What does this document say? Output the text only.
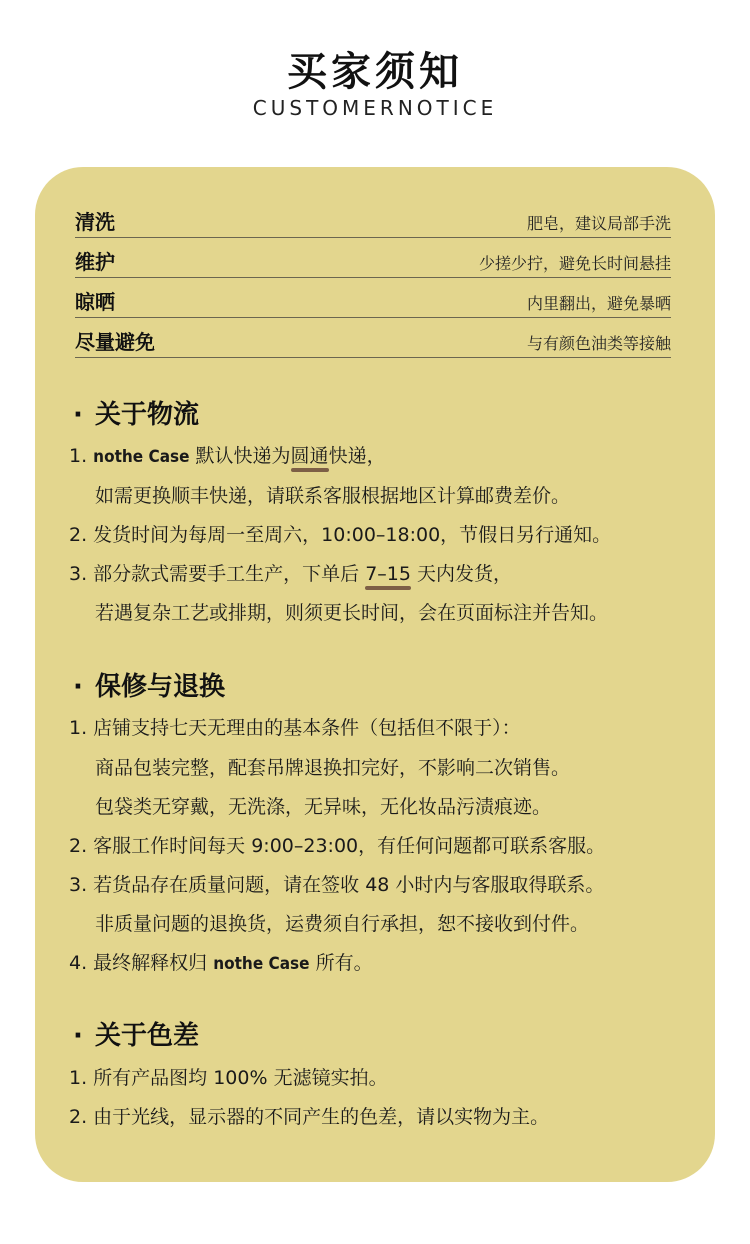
买家须知
CUSTOMERNOTICE
清洗	肥皂，建议局部手洗
维护	少搓少拧，避免长时间悬挂
晾晒	内里翻出，避免暴晒
尽量避免	与有颜色油类等接触
· 关于物流
1. nothe Case 默认快递为圆通快递，
如需更换顺丰快递，请联系客服根据地区计算邮费差价。
2. 发货时间为每周一至周六，10:00–18:00，节假日另行通知。
3. 部分款式需要手工生产，下单后 7–15 天内发货，
若遇复杂工艺或排期，则须更长时间，会在页面标注并告知。
· 保修与退换
1. 店铺支持七天无理由的基本条件（包括但不限于）：
商品包装完整，配套吊牌退换扣完好，不影响二次销售。
包袋类无穿戴，无洗涤，无异味，无化妆品污渍痕迹。
2. 客服工作时间每天 9:00–23:00，有任何问题都可联系客服。
3. 若货品存在质量问题，请在签收 48 小时内与客服取得联系。
非质量问题的退换货，运费须自行承担，恕不接收到付件。
4. 最终解释权归 nothe Case 所有。
· 关于色差
1. 所有产品图均 100% 无滤镜实拍。
2. 由于光线，显示器的不同产生的色差，请以实物为主。
